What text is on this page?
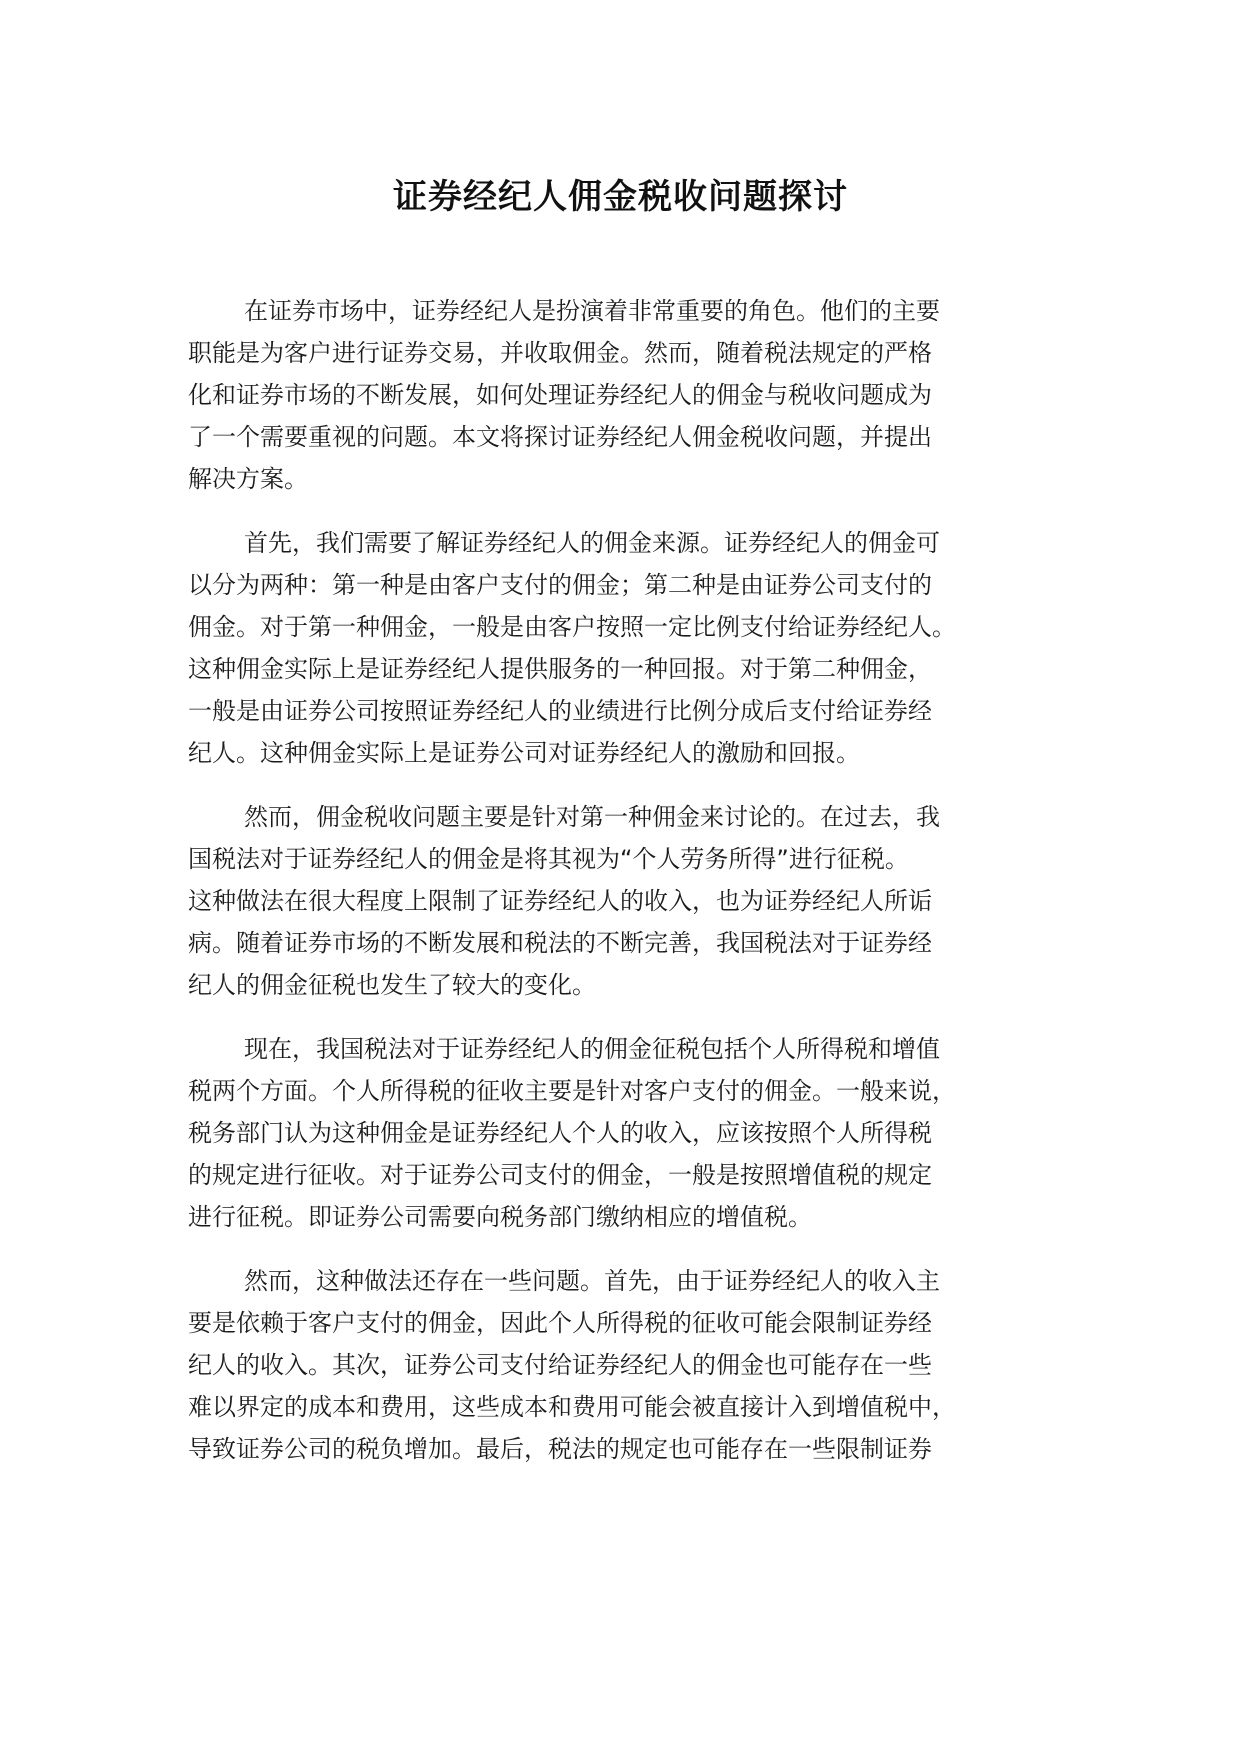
证券经纪人佣金税收问题探讨
在证券市场中，证券经纪人是扮演着非常重要的角色。他们的主要
职能是为客户进行证券交易，并收取佣金。然而，随着税法规定的严格
化和证券市场的不断发展，如何处理证券经纪人的佣金与税收问题成为
了一个需要重视的问题。本文将探讨证券经纪人佣金税收问题，并提出
解决方案。
首先，我们需要了解证券经纪人的佣金来源。证券经纪人的佣金可
以分为两种：第一种是由客户支付的佣金；第二种是由证券公司支付的
佣金。对于第一种佣金，一般是由客户按照一定比例支付给证券经纪人。
这种佣金实际上是证券经纪人提供服务的一种回报。对于第二种佣金，
一般是由证券公司按照证券经纪人的业绩进行比例分成后支付给证券经
纪人。这种佣金实际上是证券公司对证券经纪人的激励和回报。
然而，佣金税收问题主要是针对第一种佣金来讨论的。在过去，我
国税法对于证券经纪人的佣金是将其视为“个人劳务所得”进行征税。
这种做法在很大程度上限制了证券经纪人的收入，也为证券经纪人所诟
病。随着证券市场的不断发展和税法的不断完善，我国税法对于证券经
纪人的佣金征税也发生了较大的变化。
现在，我国税法对于证券经纪人的佣金征税包括个人所得税和增值
税两个方面。个人所得税的征收主要是针对客户支付的佣金。一般来说，
税务部门认为这种佣金是证券经纪人个人的收入，应该按照个人所得税
的规定进行征收。对于证券公司支付的佣金，一般是按照增值税的规定
进行征税。即证券公司需要向税务部门缴纳相应的增值税。
然而，这种做法还存在一些问题。首先，由于证券经纪人的收入主
要是依赖于客户支付的佣金，因此个人所得税的征收可能会限制证券经
纪人的收入。其次，证券公司支付给证券经纪人的佣金也可能存在一些
难以界定的成本和费用，这些成本和费用可能会被直接计入到增值税中，
导致证券公司的税负增加。最后，税法的规定也可能存在一些限制证券
